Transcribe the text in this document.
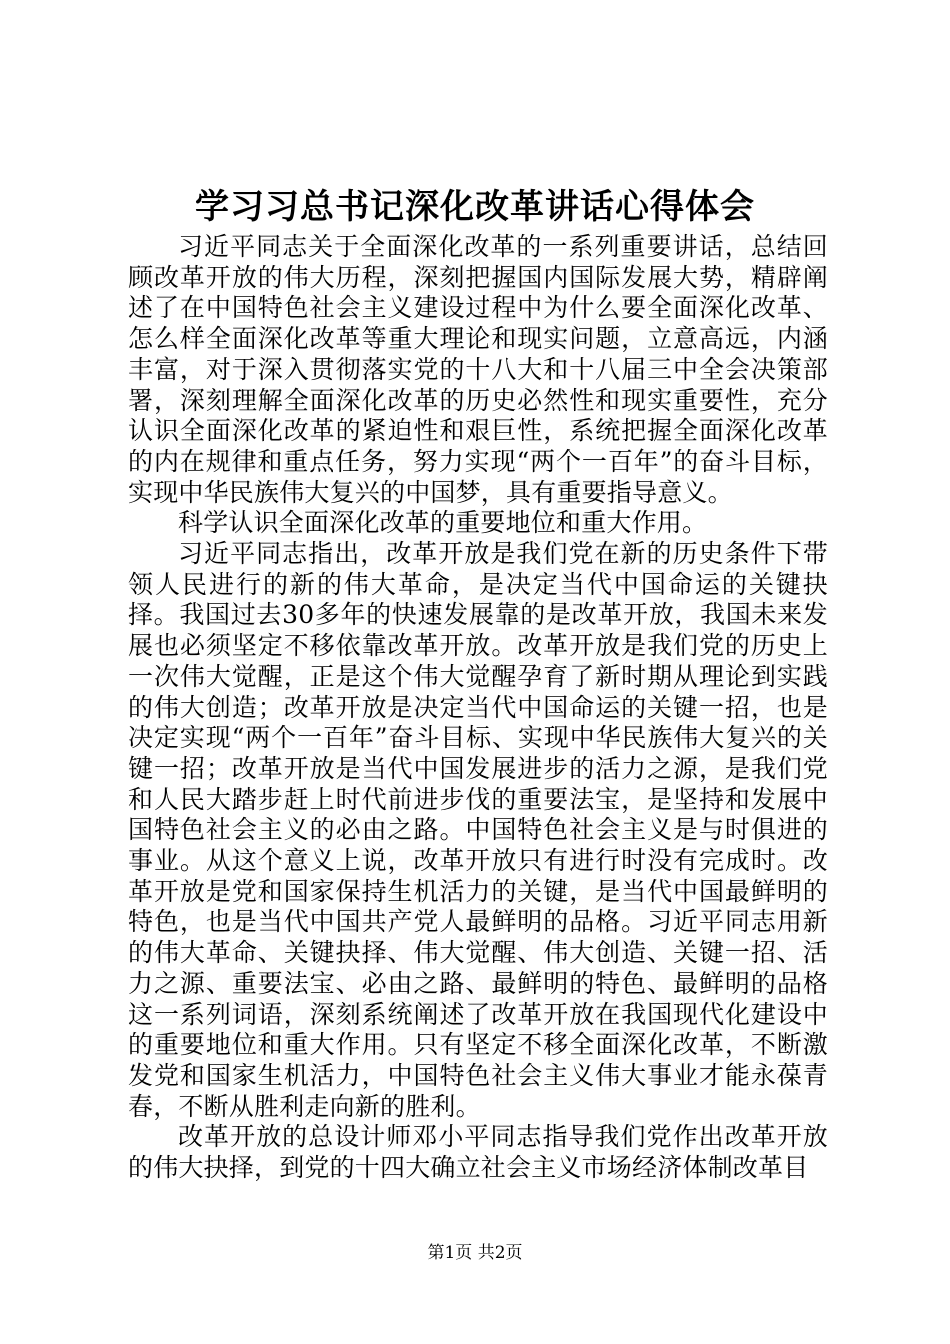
学习习总书记深化改革讲话心得体会

习近平同志关于全面深化改革的一系列重要讲话，总结回顾改革开放的伟大历程，深刻把握国内国际发展大势，精辟阐述了在中国特色社会主义建设过程中为什么要全面深化改革、怎么样全面深化改革等重大理论和现实问题，立意高远，内涵丰富，对于深入贯彻落实党的十八大和十八届三中全会决策部署，深刻理解全面深化改革的历史必然性和现实重要性，充分认识全面深化改革的紧迫性和艰巨性，系统把握全面深化改革的内在规律和重点任务，努力实现“两个一百年”的奋斗目标，实现中华民族伟大复兴的中国梦，具有重要指导意义。

科学认识全面深化改革的重要地位和重大作用。

习近平同志指出，改革开放是我们党在新的历史条件下带领人民进行的新的伟大革命，是决定当代中国命运的关键抉择。我国过去30多年的快速发展靠的是改革开放，我国未来发展也必须坚定不移依靠改革开放。改革开放是我们党的历史上一次伟大觉醒，正是这个伟大觉醒孕育了新时期从理论到实践的伟大创造；改革开放是决定当代中国命运的关键一招，也是决定实现“两个一百年”奋斗目标、实现中华民族伟大复兴的关键一招；改革开放是当代中国发展进步的活力之源，是我们党和人民大踏步赶上时代前进步伐的重要法宝，是坚持和发展中国特色社会主义的必由之路。中国特色社会主义是与时俱进的事业。从这个意义上说，改革开放只有进行时没有完成时。改革开放是党和国家保持生机活力的关键，是当代中国最鲜明的特色，也是当代中国共产党人最鲜明的品格。习近平同志用新的伟大革命、关键抉择、伟大觉醒、伟大创造、关键一招、活力之源、重要法宝、必由之路、最鲜明的特色、最鲜明的品格这一系列词语，深刻系统阐述了改革开放在我国现代化建设中的重要地位和重大作用。只有坚定不移全面深化改革，不断激发党和国家生机活力，中国特色社会主义伟大事业才能永葆青春，不断从胜利走向新的胜利。

改革开放的总设计师邓小平同志指导我们党作出改革开放的伟大抉择，到党的十四大确立社会主义市场经济体制改革目

第1页 共2页
